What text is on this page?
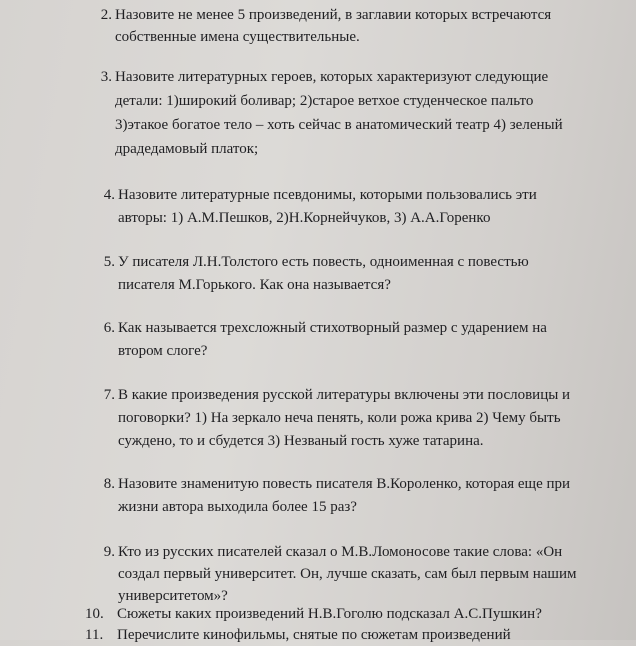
2. Назовите не менее 5 произведений, в заглавии которых встречаются
собственные имена существительные.
3. Назовите литературных героев, которых характеризуют следующие
детали: 1)широкий боливар; 2)старое ветхое студенческое пальто
3)этакое богатое тело – хоть сейчас в анатомический театр 4) зеленый
драдедамовый платок;
4. Назовите литературные псевдонимы, которыми пользовались эти
авторы: 1) А.М.Пешков, 2)Н.Корнейчуков, 3) А.А.Горенко
5. У писателя Л.Н.Толстого есть повесть, одноименная с повестью
писателя М.Горького. Как она называется?
6. Как называется трехсложный стихотворный размер с ударением на
втором слоге?
7. В какие произведения русской литературы включены эти пословицы и
поговорки? 1) На зеркало неча пенять, коли рожа крива 2) Чему быть
суждено, то и сбудется 3) Незваный гость хуже татарина.
8. Назовите знаменитую повесть писателя В.Короленко, которая еще при
жизни автора выходила более 15 раз?
9. Кто из русских писателей сказал о М.В.Ломоносове такие слова: «Он
создал первый университет. Он, лучше сказать, сам был первым нашим
университетом»?
10. Сюжеты каких произведений Н.В.Гоголю подсказал А.С.Пушкин?
11. Перечислите кинофильмы, снятые по сюжетам произведений
